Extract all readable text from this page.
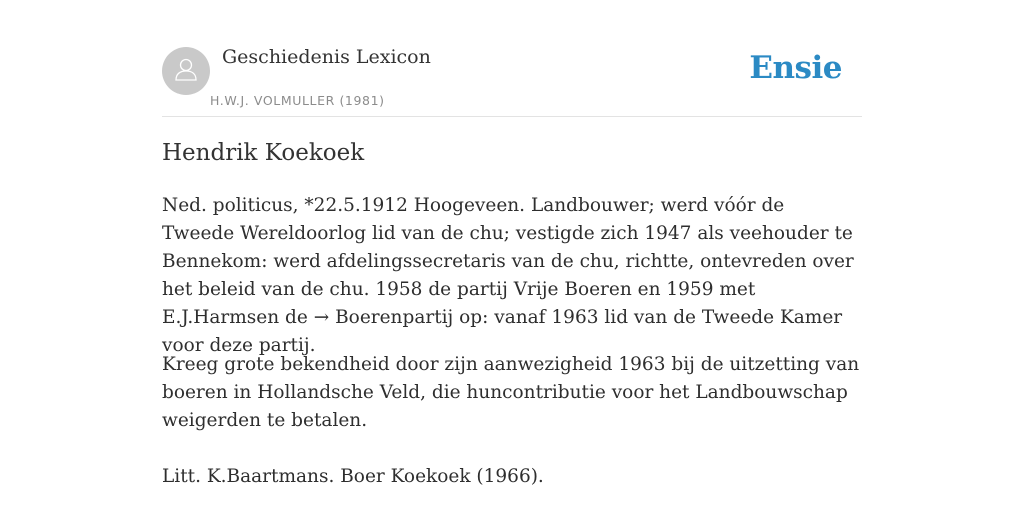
Geschiedenis Lexicon
H.W.J. VOLMULLER (1981)
Ensie
Hendrik Koekoek

Ned. politicus, *22.5.1912 Hoogeveen. Landbouwer; werd vóór de Tweede Wereldoorlog lid van de chu; vestigde zich 1947 als veehouder te Bennekom: werd afdelingssecretaris van de chu, richtte, ontevreden over het beleid van de chu. 1958 de partij Vrije Boeren en 1959 met E.J.Harmsen de → Boerenpartij op: vanaf 1963 lid van de Tweede Kamer voor deze partij.

Kreeg grote bekendheid door zijn aanwezigheid 1963 bij de uitzetting van boeren in Hollandsche Veld, die huncontributie voor het Landbouwschap weigerden te betalen.

Litt. K.Baartmans. Boer Koekoek (1966).
